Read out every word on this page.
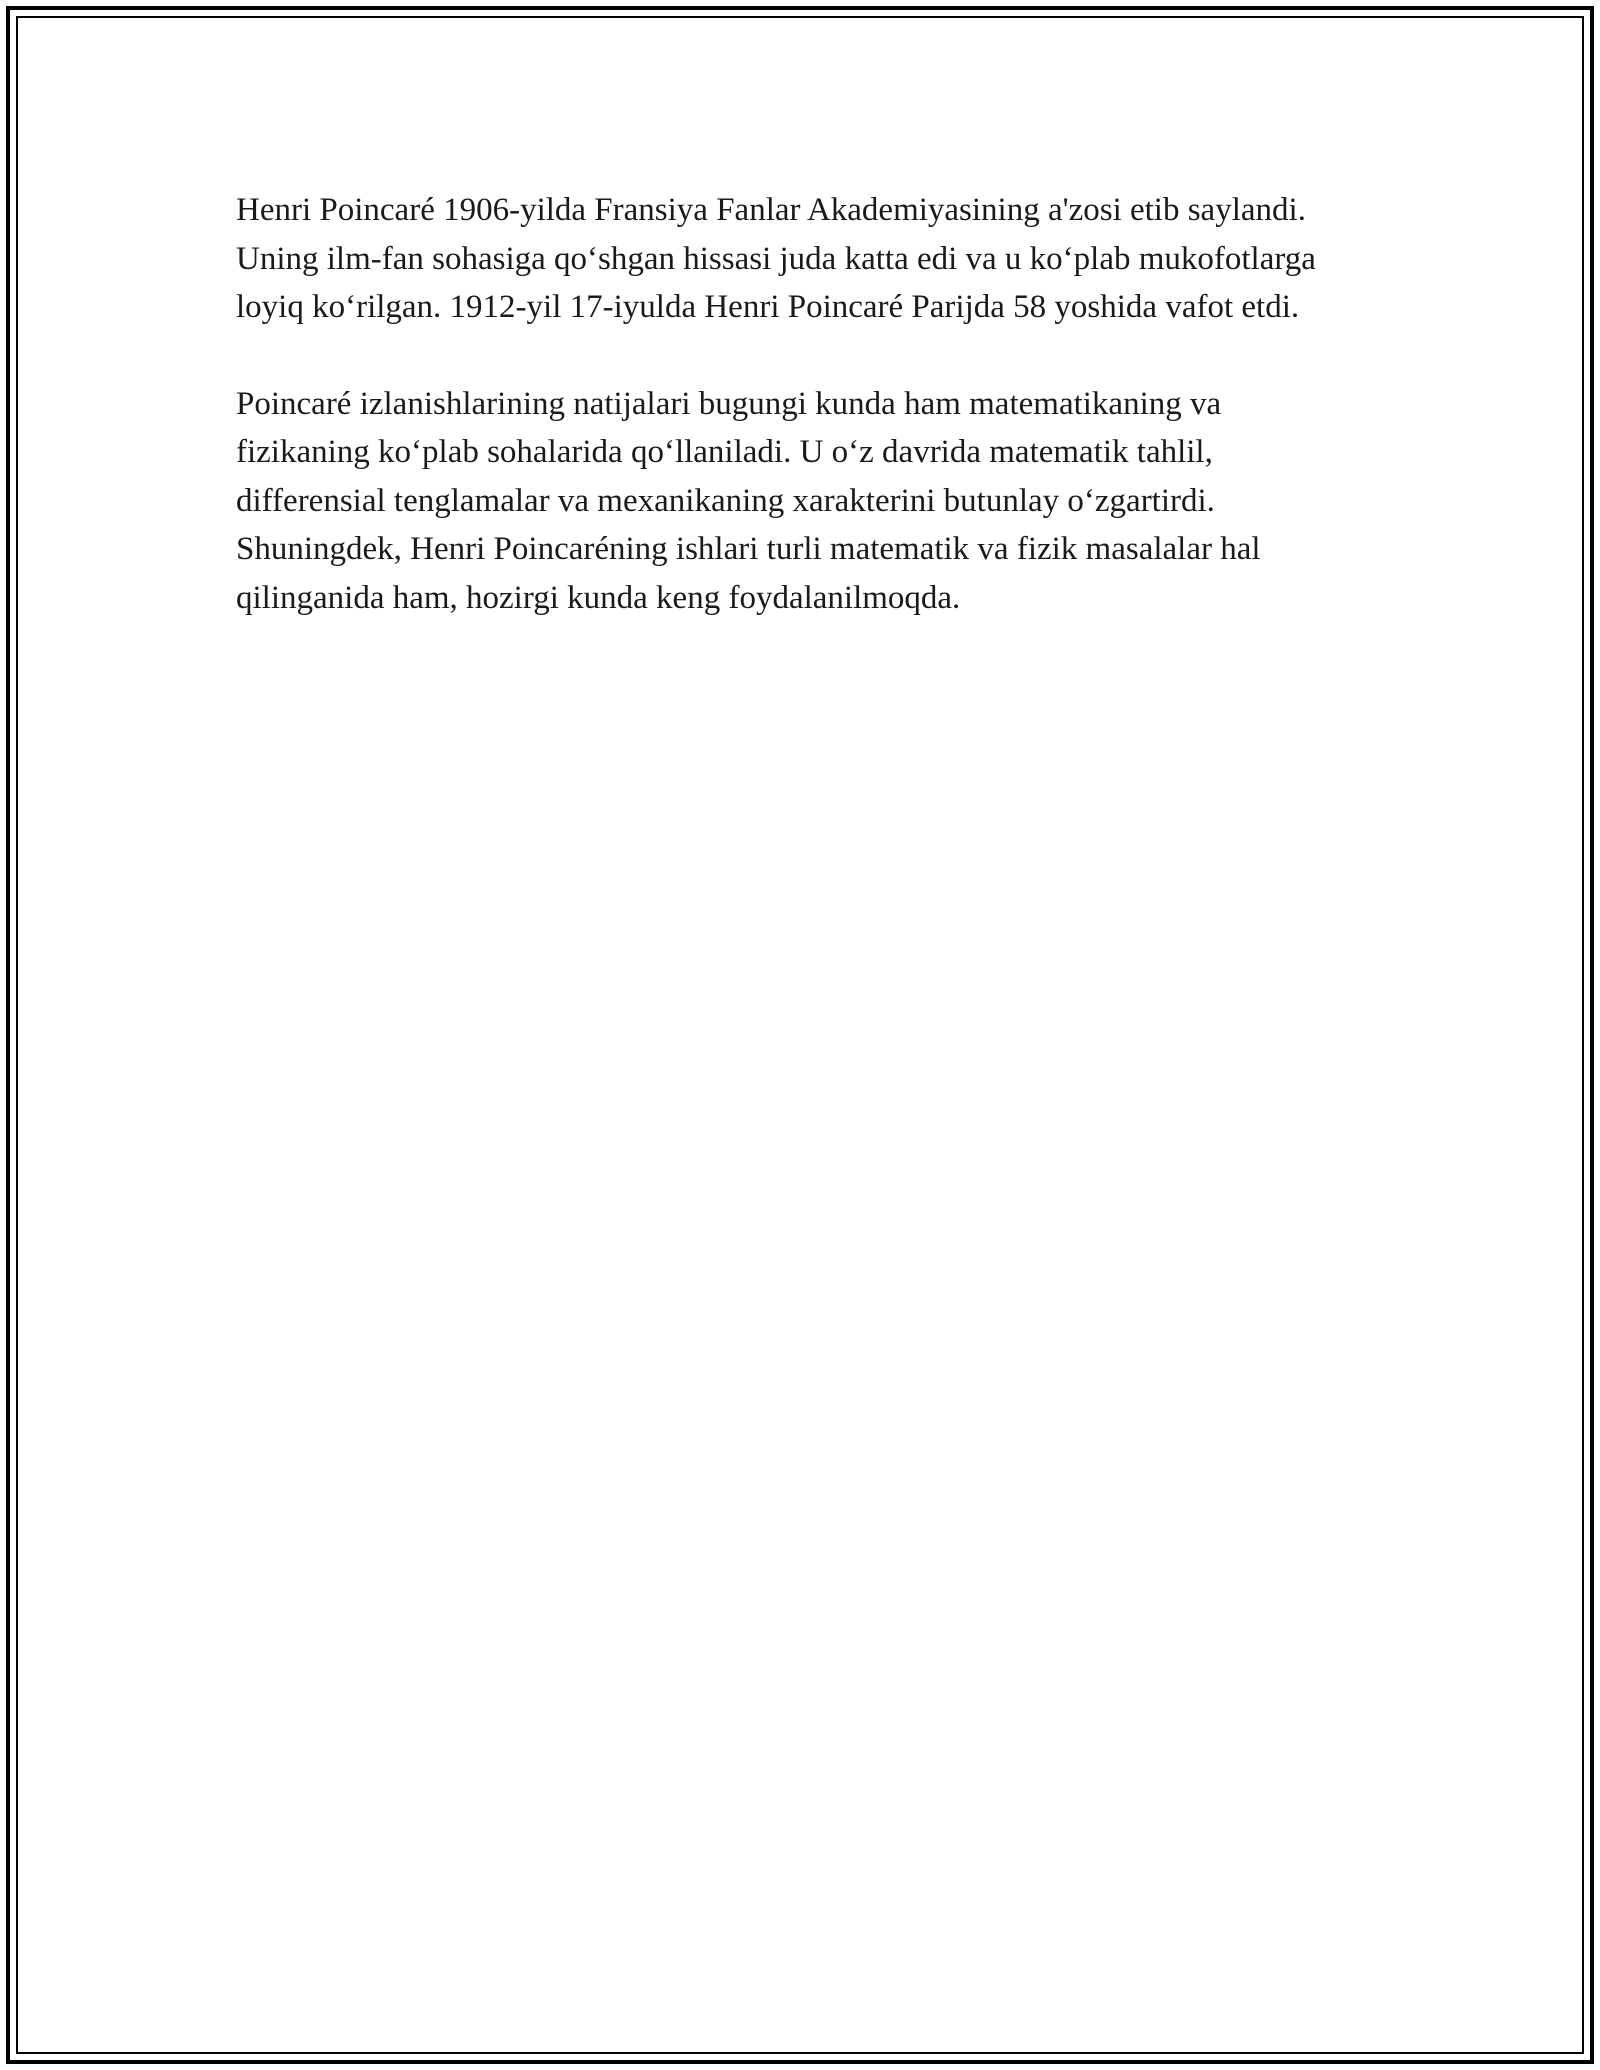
Henri Poincaré 1906-yilda Fransiya Fanlar Akademiyasining a'zosi etib saylandi. Uning ilm-fan sohasiga qo‘shgan hissasi juda katta edi va u ko‘plab mukofotlarga loyiq ko‘rilgan. 1912-yil 17-iyulda Henri Poincaré Parijda 58 yoshida vafot etdi.

Poincaré izlanishlarining natijalari bugungi kunda ham matematikaning va fizikaning ko‘plab sohalarida qo‘llaniladi. U o‘z davrida matematik tahlil, differensial tenglamalar va mexanikaning xarakterini butunlay o‘zgartirdi. Shuningdek, Henri Poincaréning ishlari turli matematik va fizik masalalar hal qilinganida ham, hozirgi kunda keng foydalanilmoqda.
